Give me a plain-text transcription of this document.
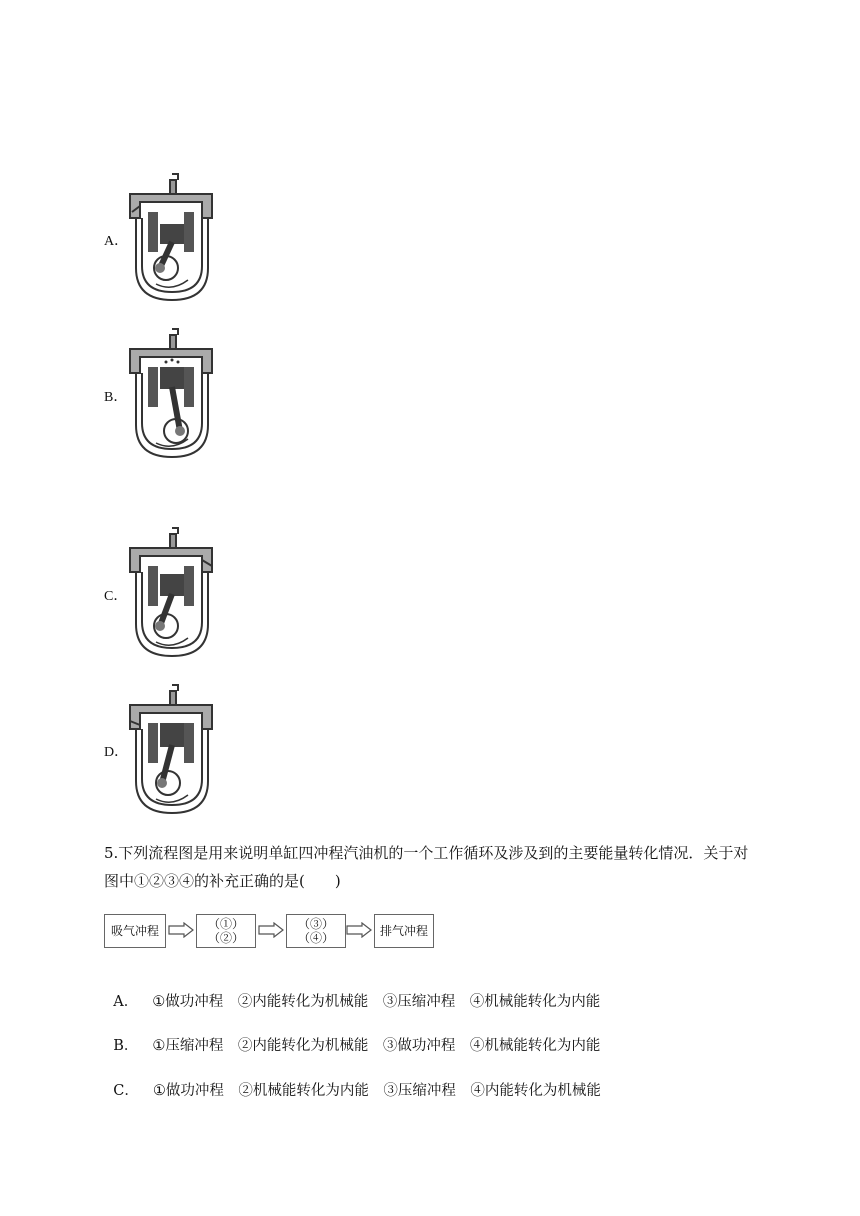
A．
B．
C．
D．
5.下列流程图是用来说明单缸四冲程汽油机的一个工作循环及涉及到的主要能量转化情况．关于对
图中①②③④的补充正确的是(　　)
吸气冲程	（①）
（②）
（③）
（④）	排气冲程

A． ①做功冲程　②内能转化为机械能　③压缩冲程　④机械能转化为内能

B． ①压缩冲程　②内能转化为机械能　③做功冲程　④机械能转化为内能

C． ①做功冲程　②机械能转化为内能　③压缩冲程　④内能转化为机械能
